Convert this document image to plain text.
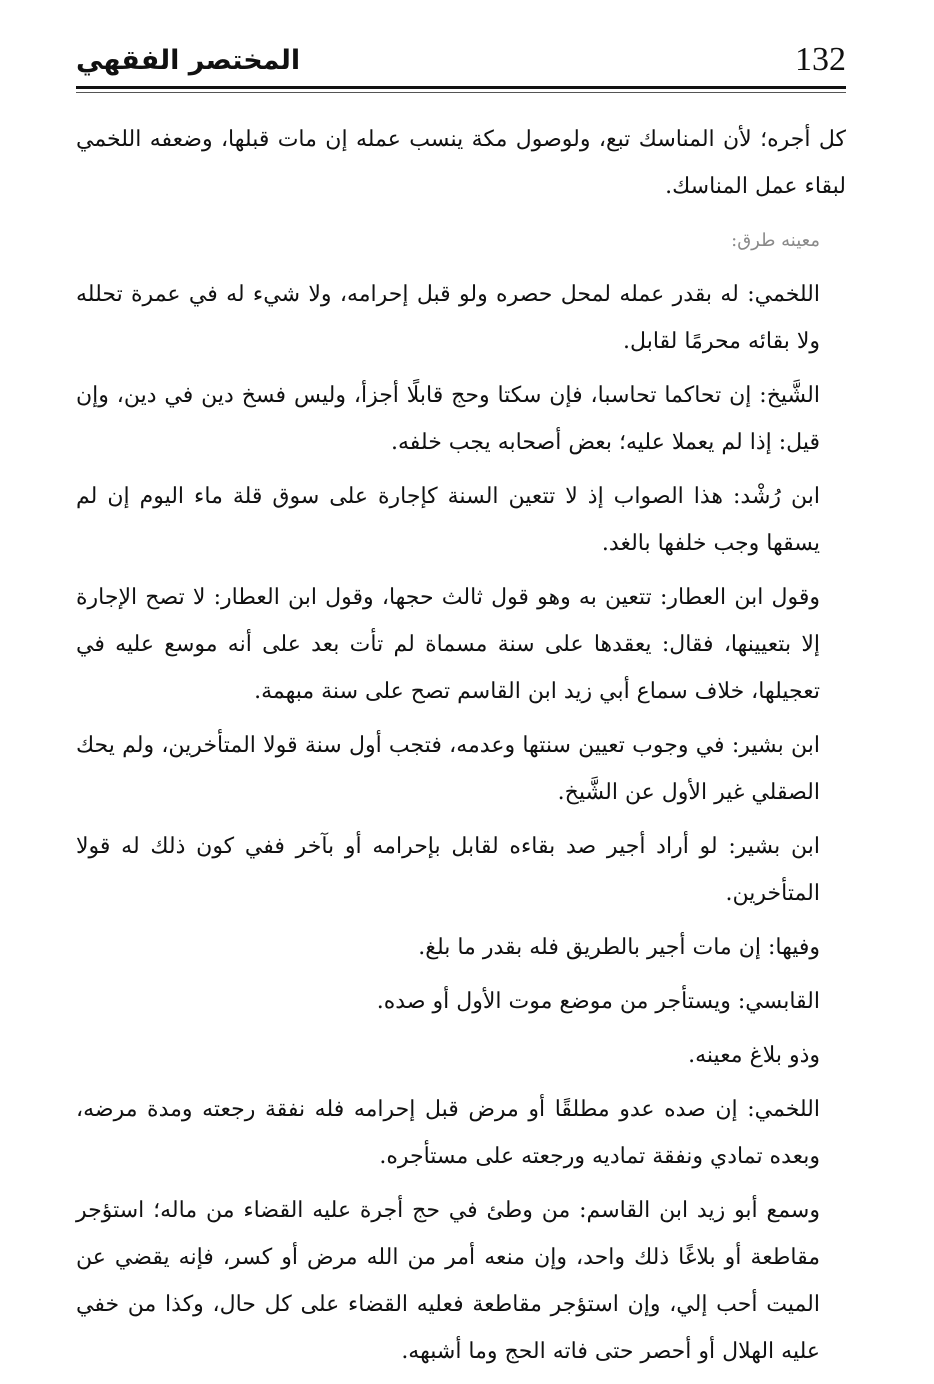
132
المختصر الفقهي

كل أجره؛ لأن المناسك تبع، ولوصول مكة ينسب عمله إن مات قبلها، وضعفه اللخمي لبقاء عمل المناسك.

معينه طرق:

اللخمي: له بقدر عمله لمحل حصره ولو قبل إحرامه، ولا شيء له في عمرة تحلله ولا بقائه محرمًا لقابل.

الشَّيخ: إن تحاكما تحاسبا، فإن سكتا وحج قابلًا أجزأ، وليس فسخ دين في دين، وإن قيل: إذا لم يعملا عليه؛ بعض أصحابه يجب خلفه.

ابن رُشْد: هذا الصواب إذ لا تتعين السنة كإجارة على سوق قلة ماء اليوم إن لم يسقها وجب خلفها بالغد.

وقول ابن العطار: تتعين به وهو قول ثالث حجها، وقول ابن العطار: لا تصح الإجارة إلا بتعيينها، فقال: يعقدها على سنة مسماة لم تأت بعد على أنه موسع عليه في تعجيلها، خلاف سماع أبي زيد ابن القاسم تصح على سنة مبهمة.

ابن بشير: في وجوب تعيين سنتها وعدمه، فتجب أول سنة قولا المتأخرين، ولم يحك الصقلي غير الأول عن الشَّيخ.

ابن بشير: لو أراد أجير صد بقاءه لقابل بإحرامه أو بآخر ففي كون ذلك له قولا المتأخرين.

وفيها: إن مات أجير بالطريق فله بقدر ما بلغ.

القابسي: ويستأجر من موضع موت الأول أو صده.

وذو بلاغ معينه.

اللخمي: إن صده عدو مطلقًا أو مرض قبل إحرامه فله نفقة رجعته ومدة مرضه، وبعده تمادي ونفقة تماديه ورجعته على مستأجره.

وسمع أبو زيد ابن القاسم: من وطئ في حج أجرة عليه القضاء من ماله؛ استؤجر مقاطعة أو بلاغًا ذلك واحد، وإن منعه أمر من الله مرض أو كسر، فإنه يقضي عن الميت أحب إلي، وإن استؤجر مقاطعة فعليه القضاء على كل حال، وكذا من خفي عليه الهلال أو أحصر حتى فاته الحج وما أشبهه.
